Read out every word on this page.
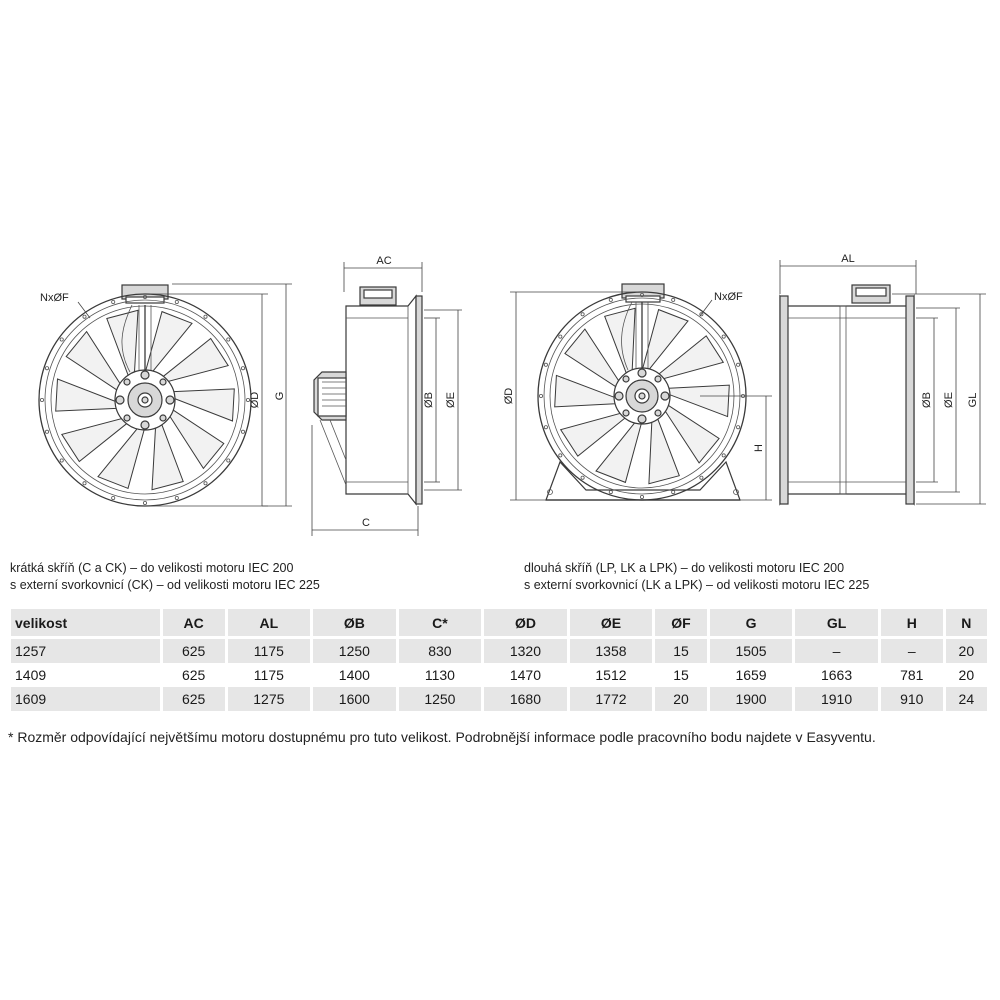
NxØF
ØD G
AC
ØB ØE
C
NxØF
ØD
H
AL
ØB ØE GL
krátká skříň (C a CK) – do velikosti motoru IEC 200
s externí svorkovnicí (CK) – od velikosti motoru IEC 225
dlouhá skříň (LP, LK a LPK) – do velikosti motoru IEC 200
s externí svorkovnicí (LK a LPK) – od velikosti motoru IEC 225
velikost	AC	AL	ØB	C*	ØD	ØE	ØF	G	GL	H	N
1257	625	1175	1250	830	1320	1358	15	1505	–	–	20
1409	625	1175	1400	1130	1470	1512	15	1659	1663	781	20
1609	625	1275	1600	1250	1680	1772	20	1900	1910	910	24
* Rozměr odpovídající největšímu motoru dostupnému pro tuto velikost. Podrobnější informace podle pracovního bodu najdete v Easyventu.
